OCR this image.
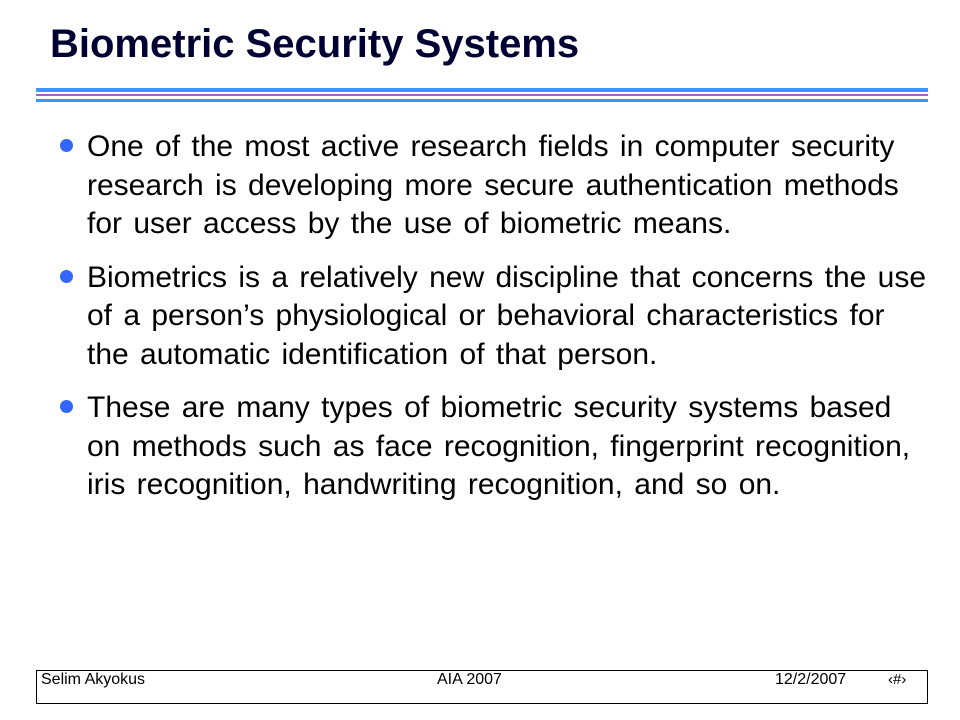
Biometric Security Systems
One of the most active research fields in computer security research is developing more secure authentication methods for user access by the use of biometric means.
Biometrics is a relatively new discipline that concerns the use of a person’s physiological or behavioral characteristics for the automatic identification of that person.
These are many types of biometric security systems based on methods such as face recognition, fingerprint recognition, iris recognition, handwriting recognition, and so on.
Selim Akyokus	AIA 2007	12/2/2007	‹#›
